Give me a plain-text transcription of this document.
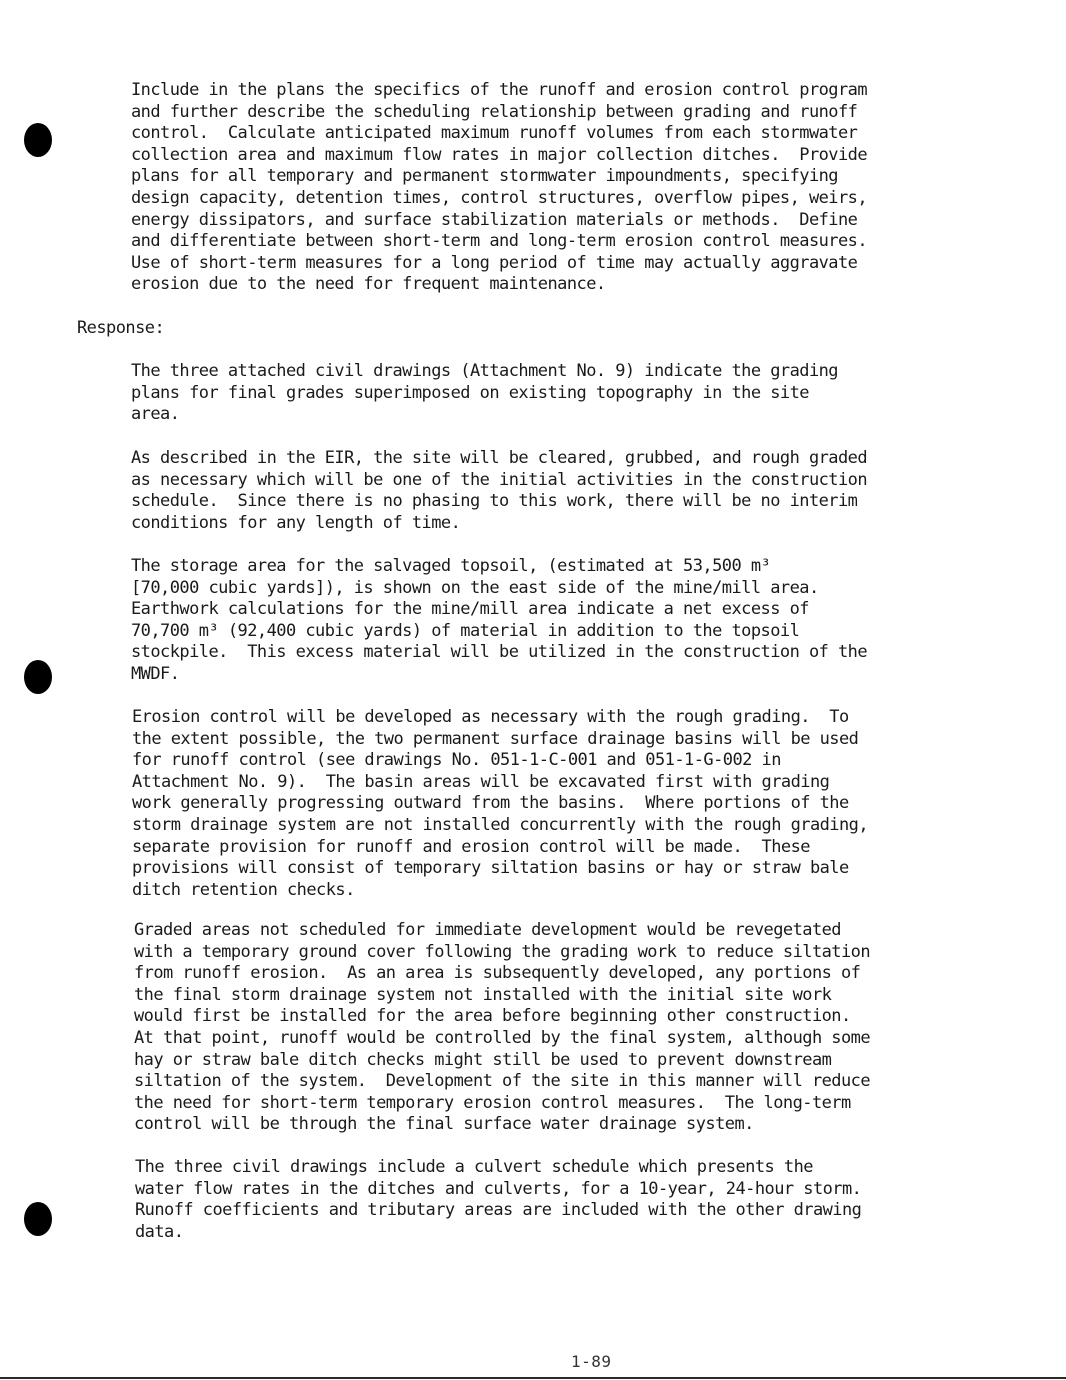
Include in the plans the specifics of the runoff and erosion control program
and further describe the scheduling relationship between grading and runoff
control.  Calculate anticipated maximum runoff volumes from each stormwater
collection area and maximum flow rates in major collection ditches.  Provide
plans for all temporary and permanent stormwater impoundments, specifying
design capacity, detention times, control structures, overflow pipes, weirs,
energy dissipators, and surface stabilization materials or methods.  Define
and differentiate between short-term and long-term erosion control measures.
Use of short-term measures for a long period of time may actually aggravate
erosion due to the need for frequent maintenance.

Response:

The three attached civil drawings (Attachment No. 9) indicate the grading
plans for final grades superimposed on existing topography in the site
area.

As described in the EIR, the site will be cleared, grubbed, and rough graded
as necessary which will be one of the initial activities in the construction
schedule.  Since there is no phasing to this work, there will be no interim
conditions for any length of time.

The storage area for the salvaged topsoil, (estimated at 53,500 m³
[70,000 cubic yards]), is shown on the east side of the mine/mill area.
Earthwork calculations for the mine/mill area indicate a net excess of
70,700 m³ (92,400 cubic yards) of material in addition to the topsoil
stockpile.  This excess material will be utilized in the construction of the
MWDF.

Erosion control will be developed as necessary with the rough grading.  To
the extent possible, the two permanent surface drainage basins will be used
for runoff control (see drawings No. 051-1-C-001 and 051-1-G-002 in
Attachment No. 9).  The basin areas will be excavated first with grading
work generally progressing outward from the basins.  Where portions of the
storm drainage system are not installed concurrently with the rough grading,
separate provision for runoff and erosion control will be made.  These
provisions will consist of temporary siltation basins or hay or straw bale
ditch retention checks.

Graded areas not scheduled for immediate development would be revegetated
with a temporary ground cover following the grading work to reduce siltation
from runoff erosion.  As an area is subsequently developed, any portions of
the final storm drainage system not installed with the initial site work
would first be installed for the area before beginning other construction.
At that point, runoff would be controlled by the final system, although some
hay or straw bale ditch checks might still be used to prevent downstream
siltation of the system.  Development of the site in this manner will reduce
the need for short-term temporary erosion control measures.  The long-term
control will be through the final surface water drainage system.

The three civil drawings include a culvert schedule which presents the
water flow rates in the ditches and culverts, for a 10-year, 24-hour storm.
Runoff coefficients and tributary areas are included with the other drawing
data.

1-89
